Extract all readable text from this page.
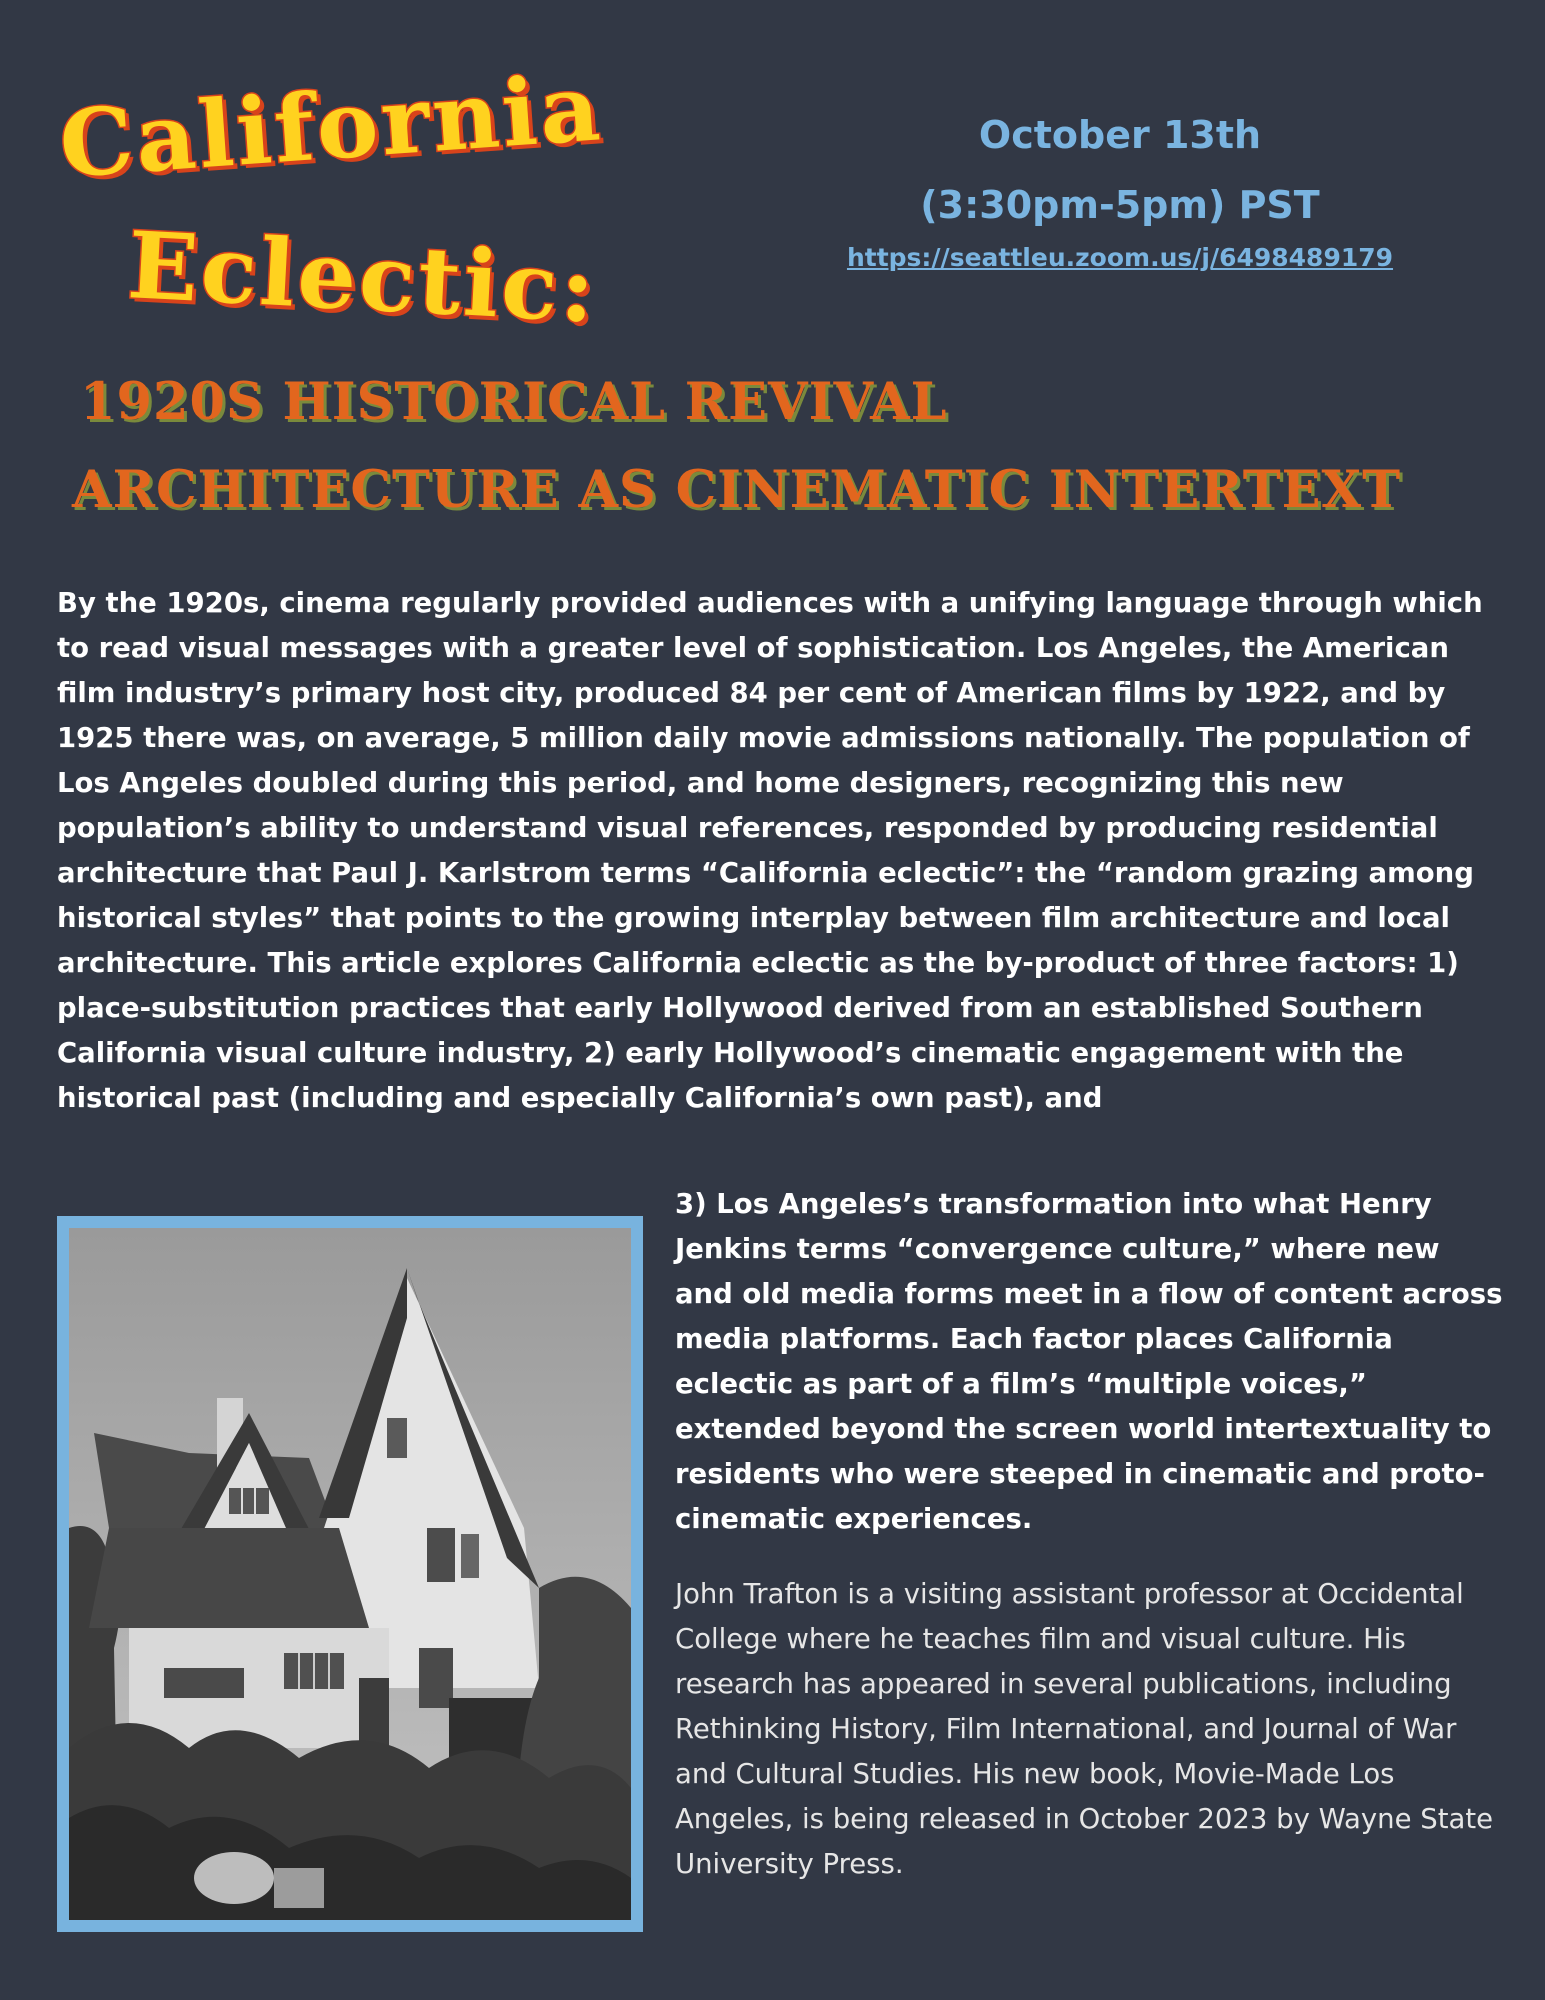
California
Eclectic:
October 13th
(3:30pm-5pm) PST
https://seattleu.zoom.us/j/6498489179
1920S HISTORICAL REVIVAL
ARCHITECTURE AS CINEMATIC INTERTEXT

By the 1920s, cinema regularly provided audiences with a unifying language through which to read visual messages with a greater level of sophistication. Los Angeles, the American film industry’s primary host city, produced 84 per cent of American films by 1922, and by 1925 there was, on average, 5 million daily movie admissions nationally. The population of Los Angeles doubled during this period, and home designers, recognizing this new population’s ability to understand visual references, responded by producing residential architecture that Paul J. Karlstrom terms “California eclectic”: the “random grazing among historical styles” that points to the growing interplay between film architecture and local architecture. This article explores California eclectic as the by-product of three factors: 1) place-substitution practices that early Hollywood derived from an established Southern California visual culture industry, 2) early Hollywood’s cinematic engagement with the historical past (including and especially California’s own past), and

3) Los Angeles’s transformation into what Henry Jenkins terms “convergence culture,” where new and old media forms meet in a flow of content across media platforms. Each factor places California eclectic as part of a film’s “multiple voices,” extended beyond the screen world intertextuality to residents who were steeped in cinematic and proto-cinematic experiences.

John Trafton is a visiting assistant professor at Occidental College where he teaches film and visual culture. His research has appeared in several publications, including Rethinking History, Film International, and Journal of War and Cultural Studies. His new book, Movie-Made Los Angeles, is being released in October 2023 by Wayne State University Press.
